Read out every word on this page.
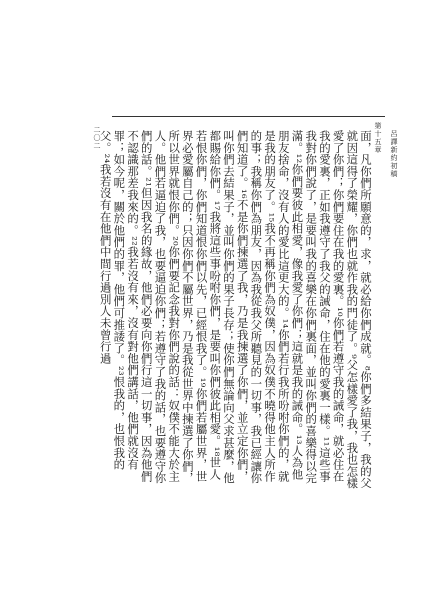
呂譯新約初稿
第十五章
二〇二	面，凡你們所願意的，求，就必給你們成就。⁸你們多結果子，我的父就因這得了榮耀，你們也就作我的門徒了。⁹父怎樣愛了我，我也怎樣愛了你們；你們要住在我的愛裏。¹⁰你們若遵守我的誡命，就必住在我的愛裏，正如我遵守了我父的誡命，住在他的愛裏一樣。¹¹這些事我對你們說了，是要叫我的喜樂在你們裏面，並叫你們的喜樂得以完滿。¹²你們要彼此相愛，像我愛了你們；這就是我的誡命。¹³人為他朋友捨命，沒有人的愛比這更大的。¹⁴你們若行我所吩咐你們的，就是我的朋友了。¹⁵我不再稱你們為奴僕，因為奴僕不曉得他主人所作的事；我稱你們為朋友，因為我從我父所聽見的一切事，我已經讓你們知道了。¹⁶不是你們揀選了我，乃是我揀選了你們，並立定你們，叫你們去結果子，並叫你們的果子長存；使你們無論向父求甚麼，他都賜給你們。¹⁷我將這些事吩咐你們，是要叫你們彼此相愛。¹⁸世人若恨你們，你們知道恨你們以先，已經恨我了。¹⁹你們若屬世界，世界必愛屬自己的；只因你們不屬世界，乃是我從世界中揀選了你們，所以世界就恨你們。²⁰你們要記念我對你們說的話：奴僕不能大於主人。他們若逼迫了我，也要逼迫你們；若遵守了我的話，也要遵守你們的話。²¹但因我名的緣故，他們必要向你們行這一切事，因為他們不認識那差我來的。²²我若沒有來，沒有對他們講話，他們就沒有罪；如今呢，關於他們的罪，他們可推諉了。²³恨我的，也恨我的父。²⁴我若沒有在他們中間行過別人未曾行過
